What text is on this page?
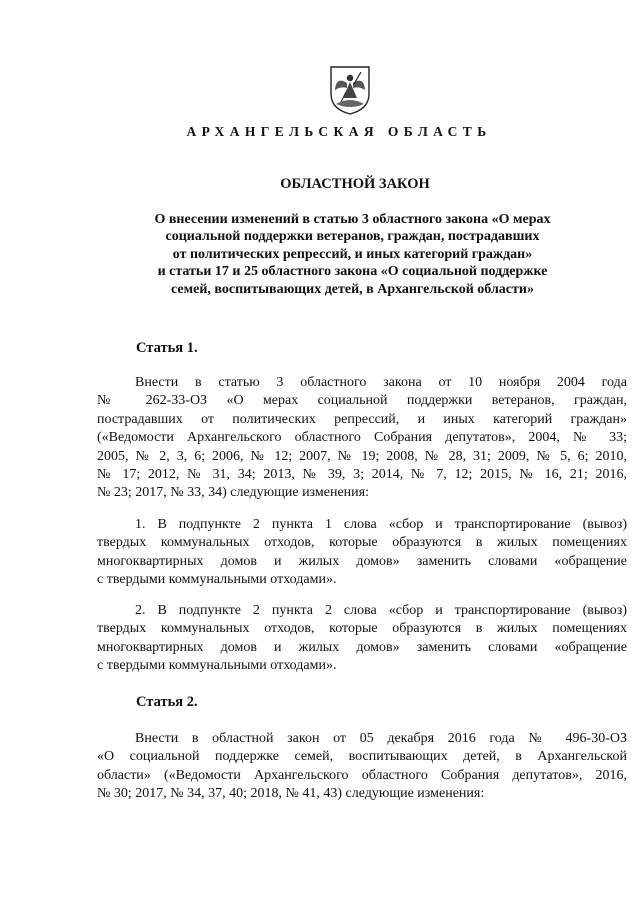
АРХАНГЕЛЬСКАЯ ОБЛАСТЬ
ОБЛАСТНОЙ ЗАКОН

О внесении изменений в статью 3 областного закона «О мерах
социальной поддержки ветеранов, граждан, пострадавших
от политических репрессий, и иных категорий граждан»
и статьи 17 и 25 областного закона «О социальной поддержке
семей, воспитывающих детей, в Архангельской области»

Статья 1.

Внести в статью 3 областного закона от 10 ноября 2004 года
№ 262-33-ОЗ «О мерах социальной поддержки ветеранов, граждан,
пострадавших от политических репрессий, и иных категорий граждан»
(«Ведомости Архангельского областного Собрания депутатов», 2004, № 33;
2005, № 2, 3, 6; 2006, № 12; 2007, № 19; 2008, № 28, 31; 2009, № 5, 6; 2010,
№ 17; 2012, № 31, 34; 2013, № 39, 3; 2014, № 7, 12; 2015, № 16, 21; 2016,
№ 23; 2017, № 33, 34) следующие изменения:

1. В подпункте 2 пункта 1 слова «сбор и транспортирование (вывоз)
твердых коммунальных отходов, которые образуются в жилых помещениях
многоквартирных домов и жилых домов» заменить словами «обращение
с твердыми коммунальными отходами».

2. В подпункте 2 пункта 2 слова «сбор и транспортирование (вывоз)
твердых коммунальных отходов, которые образуются в жилых помещениях
многоквартирных домов и жилых домов» заменить словами «обращение
с твердыми коммунальными отходами».

Статья 2.

Внести в областной закон от 05 декабря 2016 года № 496-30-ОЗ
«О социальной поддержке семей, воспитывающих детей, в Архангельской
области» («Ведомости Архангельского областного Собрания депутатов», 2016,
№ 30; 2017, № 34, 37, 40; 2018, № 41, 43) следующие изменения:
